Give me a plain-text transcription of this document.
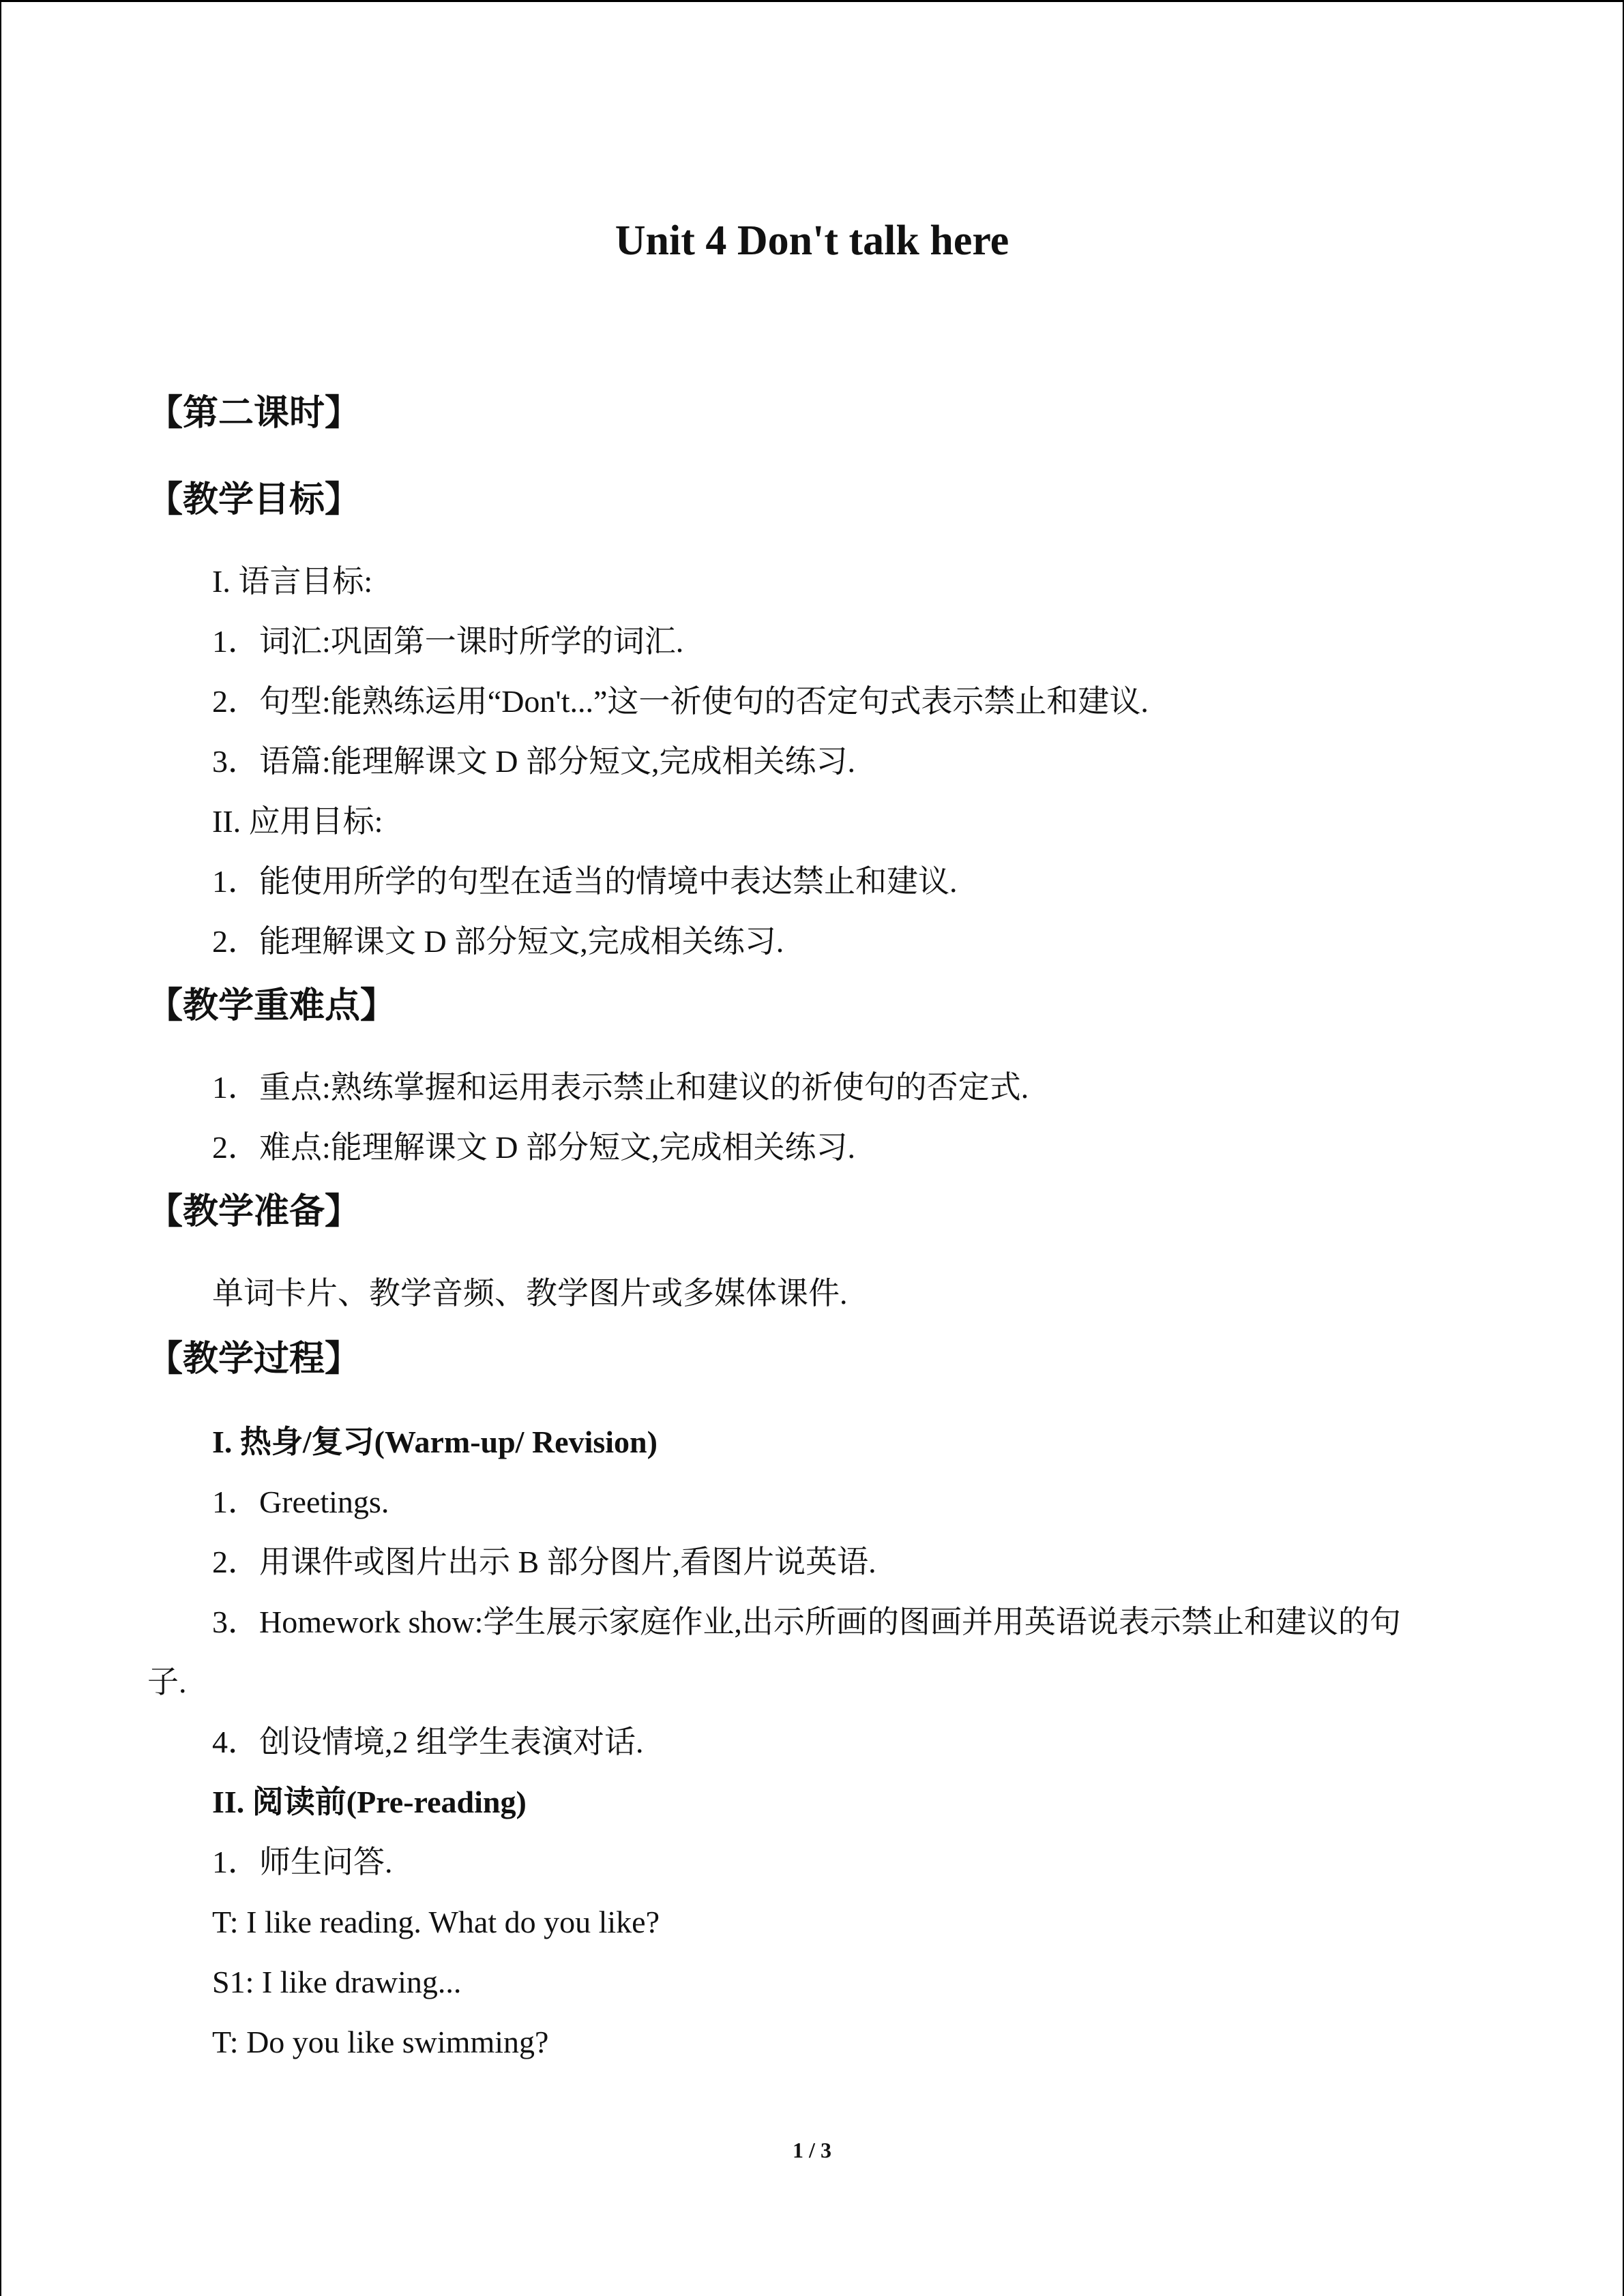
Unit 4 Don't talk here
【第二课时】
【教学目标】
I. 语言目标:
1．词汇:巩固第一课时所学的词汇.
2．句型:能熟练运用“Don't...”这一祈使句的否定句式表示禁止和建议.
3．语篇:能理解课文 D 部分短文,完成相关练习.
II. 应用目标:
1．能使用所学的句型在适当的情境中表达禁止和建议.
2．能理解课文 D 部分短文,完成相关练习.
【教学重难点】
1．重点:熟练掌握和运用表示禁止和建议的祈使句的否定式.
2．难点:能理解课文 D 部分短文,完成相关练习.
【教学准备】
单词卡片、教学音频、教学图片或多媒体课件.
【教学过程】
I. 热身/复习(Warm-up/ Revision)
1．Greetings.
2．用课件或图片出示 B 部分图片,看图片说英语.
3．Homework show:学生展示家庭作业,出示所画的图画并用英语说表示禁止和建议的句
子.
4．创设情境,2 组学生表演对话.
II. 阅读前(Pre-reading)
1．师生问答.
T: I like reading. What do you like?
S1: I like drawing...
T: Do you like swimming?
1 / 3
